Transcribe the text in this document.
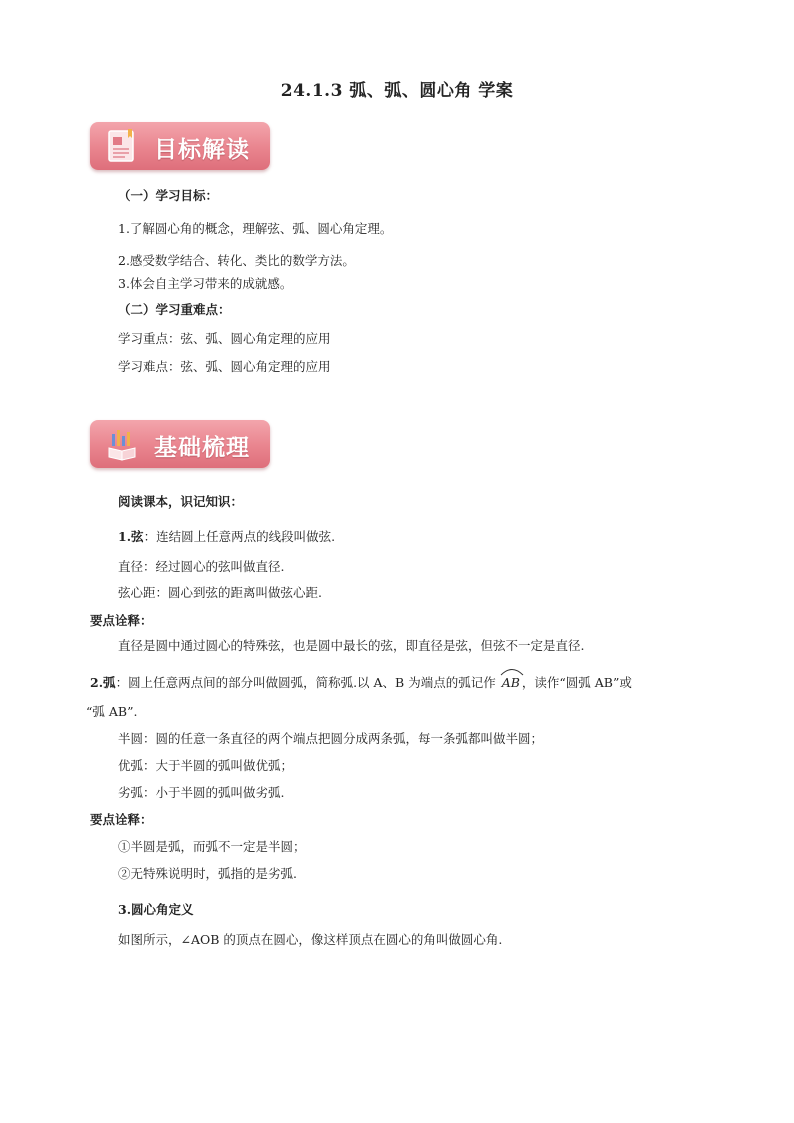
24.1.3 弧、弧、圆心角 学案
目标解读
（一）学习目标：
1.了解圆心角的概念，理解弦、弧、圆心角定理。
2.感受数学结合、转化、类比的数学方法。
3.体会自主学习带来的成就感。
（二）学习重难点：
学习重点：弦、弧、圆心角定理的应用
学习难点：弦、弧、圆心角定理的应用
基础梳理
阅读课本，识记知识：
1.弦：连结圆上任意两点的线段叫做弦.
直径：经过圆心的弦叫做直径.
弦心距：圆心到弦的距离叫做弦心距.
要点诠释：
直径是圆中通过圆心的特殊弦，也是圆中最长的弦，即直径是弦，但弦不一定是直径.
2.弧：圆上任意两点间的部分叫做圆弧，简称弧.以 A、B 为端点的弧记作 AB ，读作“圆弧 AB”或
“弧 AB”.
半圆：圆的任意一条直径的两个端点把圆分成两条弧，每一条弧都叫做半圆；
优弧：大于半圆的弧叫做优弧；
劣弧：小于半圆的弧叫做劣弧.
要点诠释：
①半圆是弧，而弧不一定是半圆；
②无特殊说明时，弧指的是劣弧.
3.圆心角定义
如图所示，∠AOB 的顶点在圆心，像这样顶点在圆心的角叫做圆心角.
